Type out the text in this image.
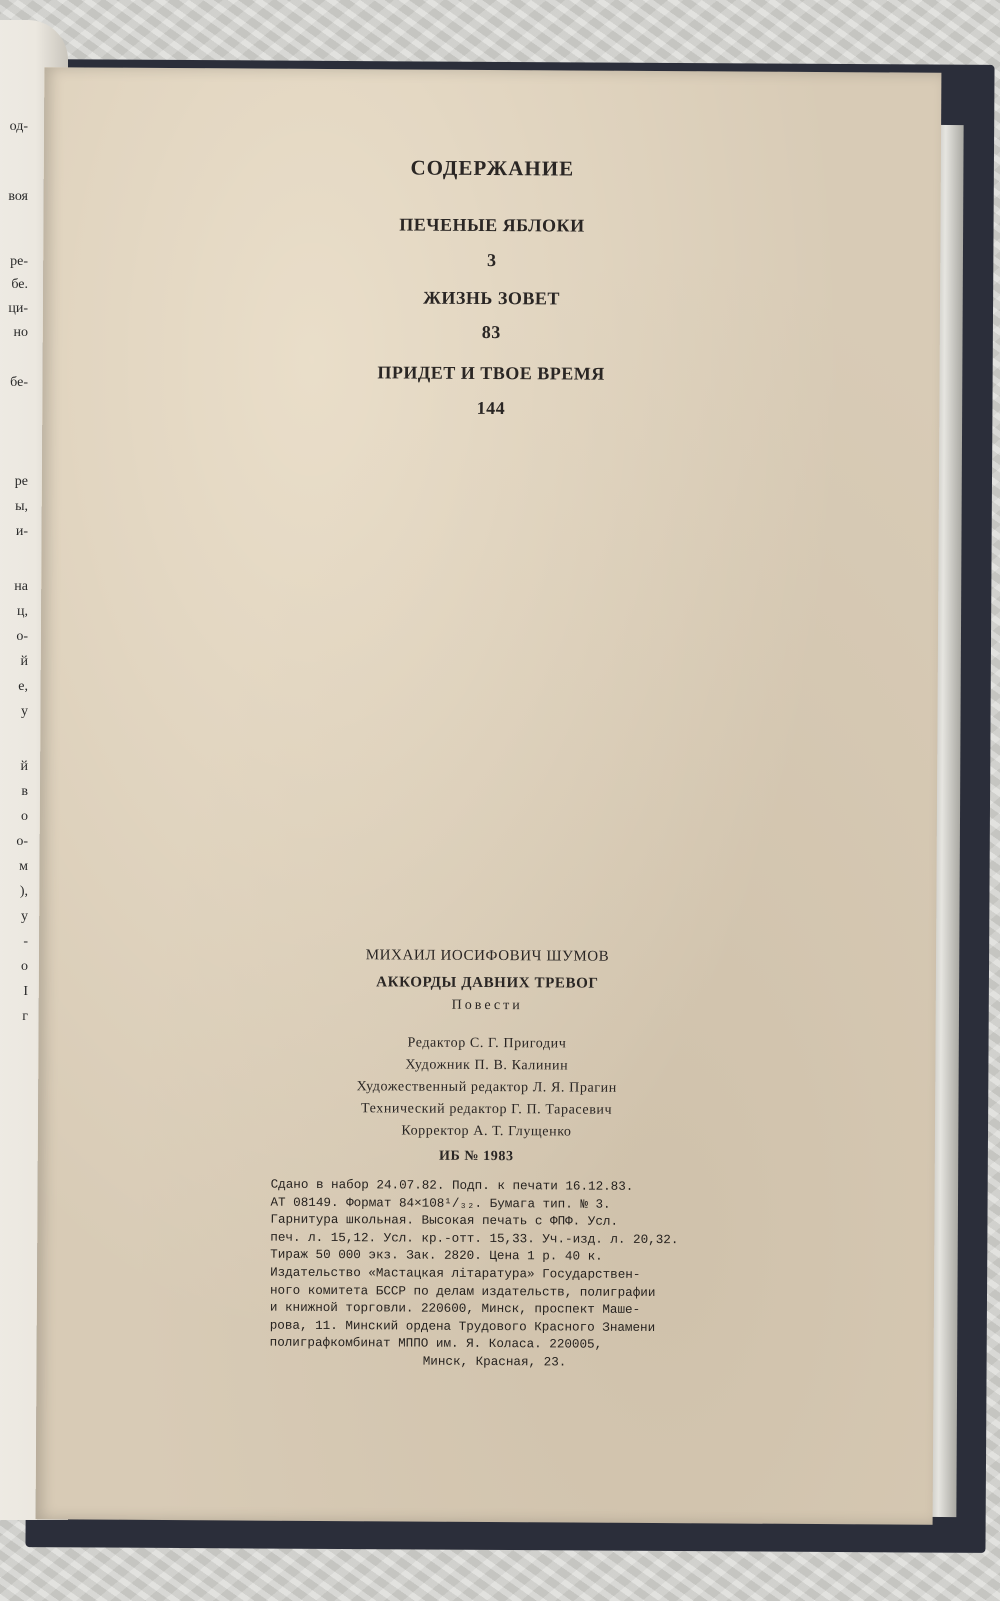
од-
воя
ре-
бе.
ци-
но
бе-
ре
ы,
и-
на
ц,
о-
й
е,
у
й
в
о
о-
м
),
у
-
о
I
г
СОДЕРЖАНИЕ
ПЕЧЕНЫЕ ЯБЛОКИ
3
ЖИЗНЬ ЗОВЕТ
83
ПРИДЕТ И ТВОЕ ВРЕМЯ
144
МИХАИЛ ИОСИФОВИЧ ШУМОВ
АККОРДЫ ДАВНИХ ТРЕВОГ
Повести
Редактор С. Г. Пригодич
Художник П. В. Калинин
Художественный редактор Л. Я. Прагин
Технический редактор Г. П. Тарасевич
Корректор А. Т. Глущенко
ИБ № 1983
Сдано в набор 24.07.82. Подп. к печати 16.12.83.
АТ 08149. Формат 84×108¹/₃₂. Бумага тип. № 3.
Гарнитура школьная. Высокая печать с ФПФ. Усл.
печ. л. 15,12. Усл. кр.-отт. 15,33. Уч.-изд. л. 20,32.
Тираж 50 000 экз. Зак. 2820. Цена 1 р. 40 к.
Издательство «Мастацкая літаратура» Государствен-
ного комитета БССР по делам издательств, полиграфии
и книжной торговли. 220600, Минск, проспект Машe-
рова, 11. Минский ордена Трудового Красного Знамени
полиграфкомбинат МППО им. Я. Коласа. 220005,
Минск, Красная, 23.
